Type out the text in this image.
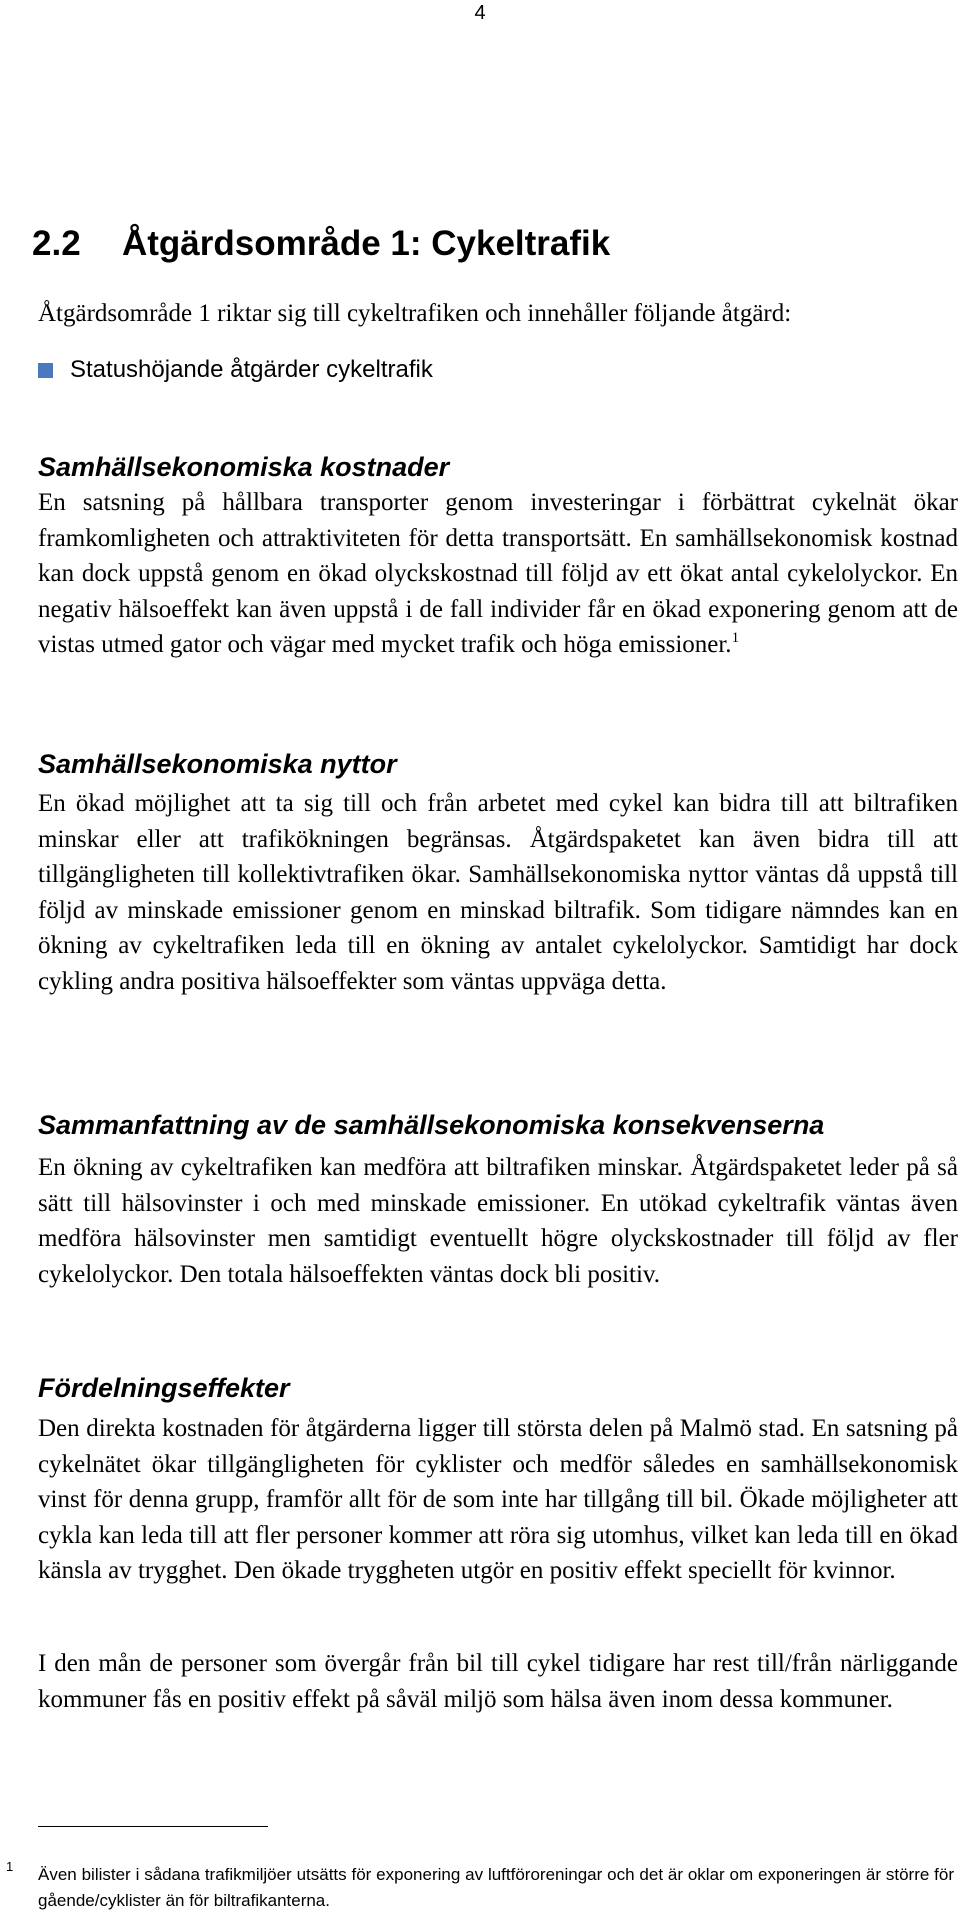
4
2.2 Åtgärdsområde 1: Cykeltrafik

Åtgärdsområde 1 riktar sig till cykeltrafiken och innehåller följande åtgärd:

Statushöjande åtgärder cykeltrafik
Samhällsekonomiska kostnader

En satsning på hållbara transporter genom investeringar i förbättrat cykelnät ökar framkomligheten och attraktiviteten för detta transportsätt. En samhällsekonomisk kostnad kan dock uppstå genom en ökad olyckskostnad till följd av ett ökat antal cykelolyckor. En negativ hälsoeffekt kan även uppstå i de fall individer får en ökad exponering genom att de vistas utmed gator och vägar med mycket trafik och höga emissioner.$^1$

Samhällsekonomiska nyttor

En ökad möjlighet att ta sig till och från arbetet med cykel kan bidra till att biltrafiken minskar eller att trafikökningen begränsas. Åtgärdspaketet kan även bidra till att tillgängligheten till kollektivtrafiken ökar. Samhällsekonomiska nyttor väntas då uppstå till följd av minskade emissioner genom en minskad biltrafik. Som tidigare nämndes kan en ökning av cykeltrafiken leda till en ökning av antalet cykelolyckor. Samtidigt har dock cykling andra positiva hälsoeffekter som väntas uppväga detta.

Sammanfattning av de samhällsekonomiska konsekvenserna

En ökning av cykeltrafiken kan medföra att biltrafiken minskar. Åtgärdspaketet leder på så sätt till hälsovinster i och med minskade emissioner. En utökad cykeltrafik väntas även medföra hälsovinster men samtidigt eventuellt högre olyckskostnader till följd av fler cykelolyckor. Den totala hälsoeffekten väntas dock bli positiv.

Fördelningseffekter

Den direkta kostnaden för åtgärderna ligger till största delen på Malmö stad. En satsning på cykelnätet ökar tillgängligheten för cyklister och medför således en samhällsekonomisk vinst för denna grupp, framför allt för de som inte har tillgång till bil. Ökade möjligheter att cykla kan leda till att fler personer kommer att röra sig utomhus, vilket kan leda till en ökad känsla av trygghet. Den ökade tryggheten utgör en positiv effekt speciellt för kvinnor.

I den mån de personer som övergår från bil till cykel tidigare har rest till/från närliggande kommuner fås en positiv effekt på såväl miljö som hälsa även inom dessa kommuner.

1 Även bilister i sådana trafikmiljöer utsätts för exponering av luftföroreningar och det är oklar om exponeringen är större för gående/cyklister än för biltrafikanterna.
